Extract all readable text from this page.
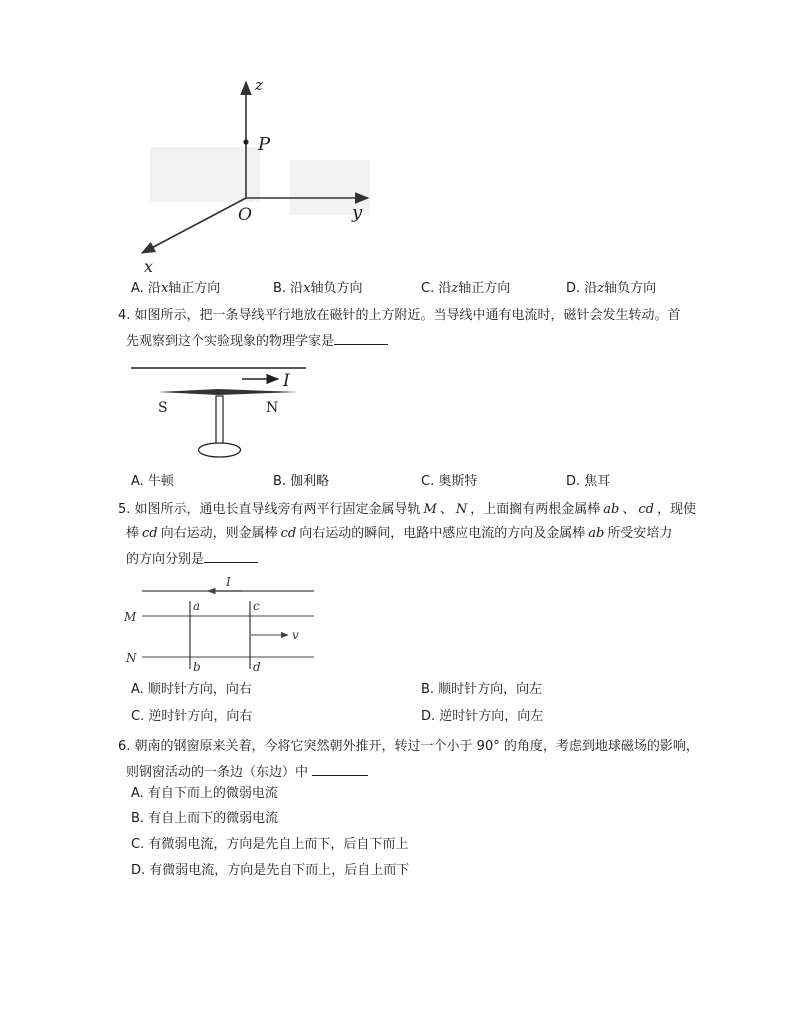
z
P
O	y
x
A. 沿x轴正方向	B. 沿x轴负方向	C. 沿z轴正方向	D. 沿z轴负方向
4. 如图所示，把一条导线平行地放在磁针的上方附近。当导线中通有电流时，磁针会发生转动。首
先观察到这个实验现象的物理学家是
I
S	N
A. 牛顿	B. 伽利略	C. 奥斯特	D. 焦耳
5. 如图所示，通电长直导线旁有两平行固定金属导轨 M 、 N ，上面搁有两根金属棒 ab 、 cd ，现使
棒 cd 向右运动，则金属棒 cd 向右运动的瞬间，电路中感应电流的方向及金属棒 ab 所受安培力
的方向分别是
I
M
N
a
b
c
d
v
A. 顺时针方向，向右	B. 顺时针方向，向左
C. 逆时针方向，向右	D. 逆时针方向，向左
6. 朝南的钢窗原来关着，今将它突然朝外推开，转过一个小于 90° 的角度，考虑到地球磁场的影响，
则钢窗活动的一条边（东边）中
A. 有自下而上的微弱电流
B. 有自上而下的微弱电流
C. 有微弱电流，方向是先自上而下，后自下而上
D. 有微弱电流，方向是先自下而上，后自上而下
